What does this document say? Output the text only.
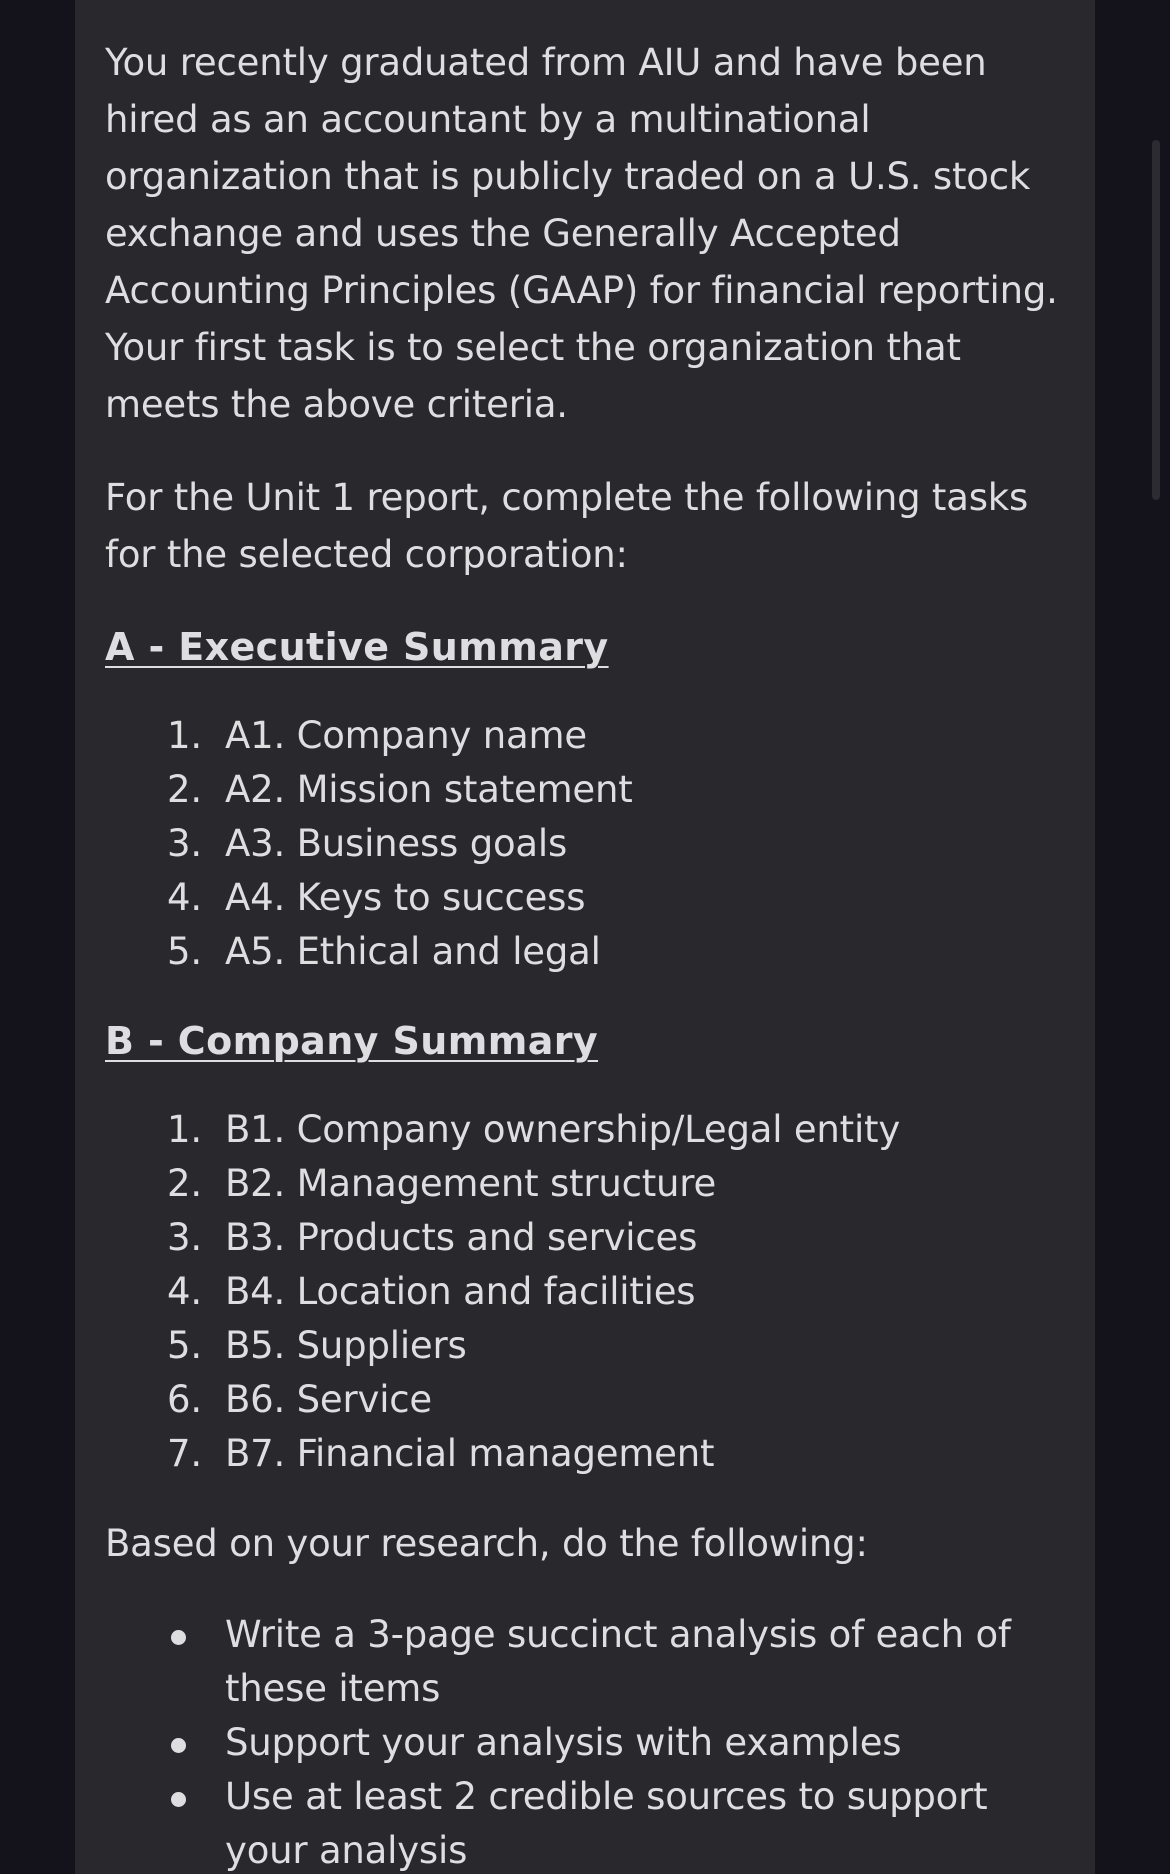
You recently graduated from AIU and have been hired as an accountant by a multinational organization that is publicly traded on a U.S. stock exchange and uses the Generally Accepted Accounting Principles (GAAP) for financial reporting. Your first task is to select the organization that meets the above criteria.

For the Unit 1 report, complete the following tasks for the selected corporation:

A - Executive Summary
1. A1. Company name
2. A2. Mission statement
3. A3. Business goals
4. A4. Keys to success
5. A5. Ethical and legal
B - Company Summary
1. B1. Company ownership/Legal entity
2. B2. Management structure
3. B3. Products and services
4. B4. Location and facilities
5. B5. Suppliers
6. B6. Service
7. B7. Financial management

Based on your research, do the following:

Write a 3-page succinct analysis of each of these items
Support your analysis with examples
Use at least 2 credible sources to support your analysis
